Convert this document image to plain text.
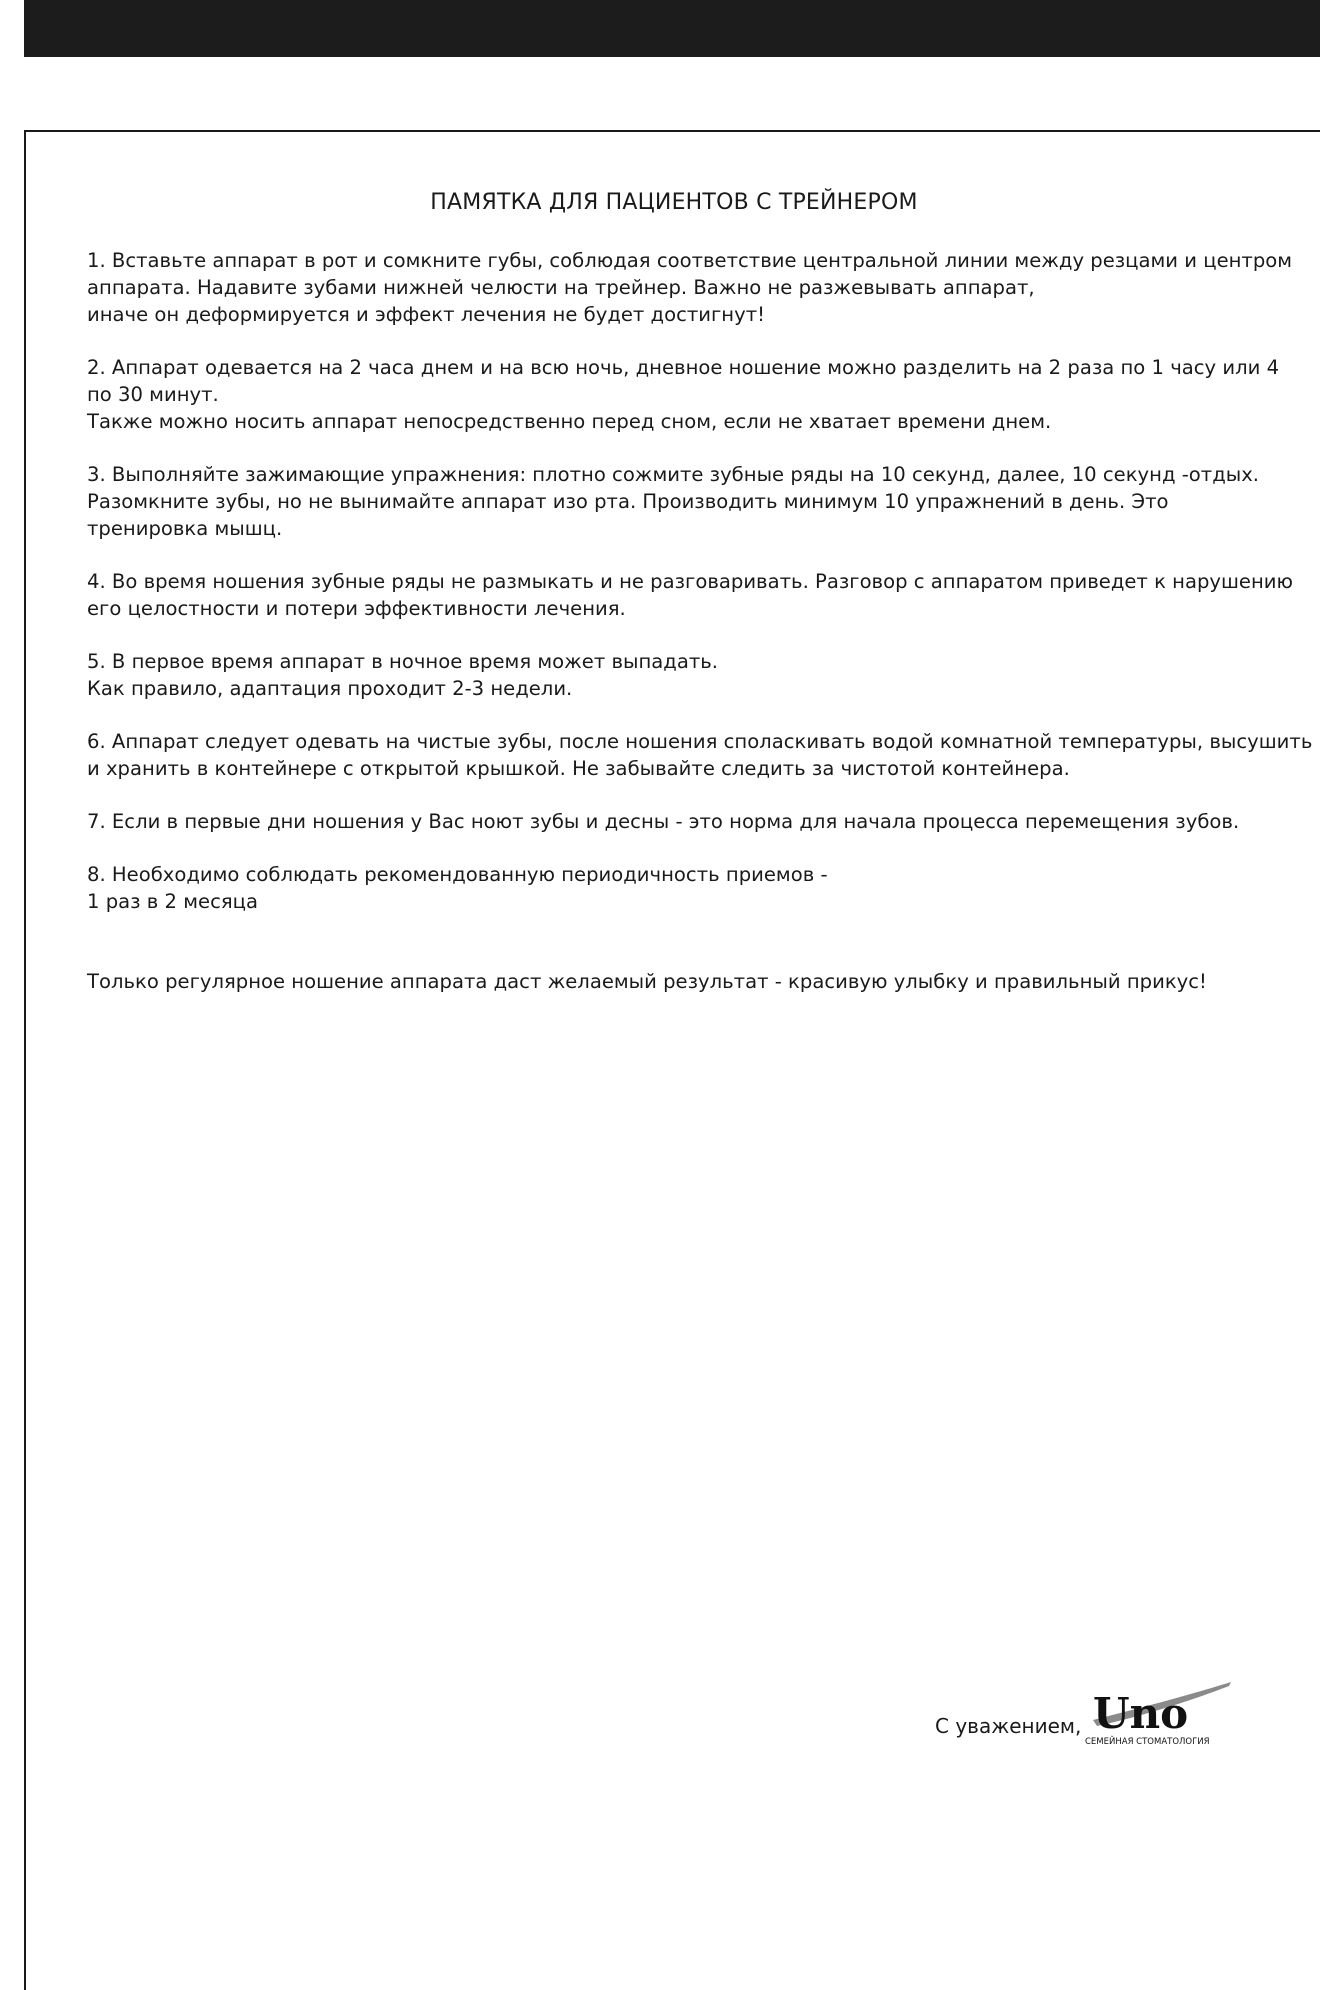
ПАМЯТКА ДЛЯ ПАЦИЕНТОВ С ТРЕЙНЕРОМ
1. Вставьте аппарат в рот и сомкните губы, соблюдая соответствие центральной линии между резцами и центром
аппарата. Надавите зубами нижней челюсти на трейнер. Важно не разжевывать аппарат,
иначе он деформируется и эффект лечения не будет достигнут!
2. Аппарат одевается на 2 часа днем и на всю ночь, дневное ношение можно разделить на 2 раза по 1 часу или 4
по 30 минут.
Также можно носить аппарат непосредственно перед сном, если не хватает времени днем.
3. Выполняйте зажимающие упражнения: плотно сожмите зубные ряды на 10 секунд, далее, 10 секунд -отдых.
Разомкните зубы, но не вынимайте аппарат изо рта. Производить минимум 10 упражнений в день. Это
тренировка мышц.
4. Во время ношения зубные ряды не размыкать и не разговаривать. Разговор с аппаратом приведет к нарушению
его целостности и потери эффективности лечения.
5. В первое время аппарат в ночное время может выпадать.
Как правило, адаптация проходит 2-3 недели.
6. Аппарат следует одевать на чистые зубы, после ношения споласкивать водой комнатной температуры, высушить
и хранить в контейнере с открытой крышкой. Не забывайте следить за чистотой контейнера.
7. Если в первые дни ношения у Вас ноют зубы и десны - это норма для начала процесса перемещения зубов.
8. Необходимо соблюдать рекомендованную периодичность приемов -
1 раз в 2 месяца
Только регулярное ношение аппарата даст желаемый результат - красивую улыбку и правильный прикус!
С уважением, Uno
СЕМЕЙНАЯ СТОМАТОЛОГИЯ
